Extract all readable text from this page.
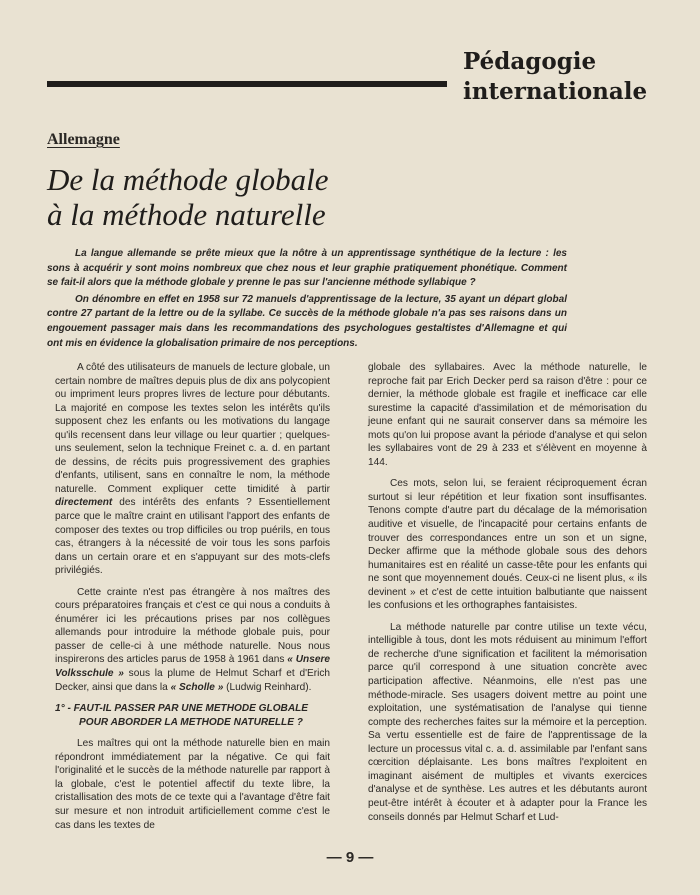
Pédagogie
internationale
Allemagne
De la méthode globale
à la méthode naturelle

La langue allemande se prête mieux que la nôtre à un apprentissage synthétique de la lecture : les sons à acquérir y sont moins nombreux que chez nous et leur graphie pratiquement phonétique. Comment se fait-il alors que la méthode globale y prenne le pas sur l'ancienne méthode syllabique ?

On dénombre en effet en 1958 sur 72 manuels d'apprentissage de la lecture, 35 ayant un départ global contre 27 partant de la lettre ou de la syllabe. Ce succès de la méthode globale n'a pas ses raisons dans un engouement passager mais dans les recommandations des psychologues gestaltistes d'Allemagne et qui ont mis en évidence la globalisation primaire de nos perceptions.

A côté des utilisateurs de manuels de lecture globale, un certain nombre de maîtres depuis plus de dix ans polycopient ou impriment leurs propres livres de lecture pour débutants. La majorité en compose les textes selon les intérêts qu'ils supposent chez les enfants ou les motivations du langage qu'ils recensent dans leur village ou leur quartier ; quelques-uns seulement, selon la technique Freinet c. a. d. en partant de dessins, de récits puis progressivement des graphies d'enfants, utilisent, sans en connaître le nom, la méthode naturelle. Comment expliquer cette timidité à partir directement des intérêts des enfants ? Essentiellement parce que le maître craint en utilisant l'apport des enfants de composer des textes ou trop difficiles ou trop puérils, en tous cas, étrangers à la nécessité de voir tous les sons parfois dans un certain orare et en s'appuyant sur des mots-clefs privilégiés.

Cette crainte n'est pas étrangère à nos maîtres des cours préparatoires français et c'est ce qui nous a conduits à énumérer ici les précautions prises par nos collègues allemands pour introduire la méthode globale puis, pour passer de celle-ci à une méthode naturelle. Nous nous inspirerons des articles parus de 1958 à 1961 dans « Unsere Volksschule » sous la plume de Helmut Scharf et d'Erich Decker, ainsi que dans la « Scholle » (Ludwig Reinhard).

1° - FAUT-IL PASSER PAR UNE METHODE GLOBALE
POUR ABORDER LA METHODE NATURELLE ?

Les maîtres qui ont la méthode naturelle bien en main répondront immédiatement par la négative. Ce qui fait l'originalité et le succès de la méthode naturelle par rapport à la globale, c'est le potentiel affectif du texte libre, la cristallisation des mots de ce texte qui a l'avantage d'être fait sur mesure et non introduit artificiellement comme c'est le cas dans les textes de

globale des syllabaires. Avec la méthode naturelle, le reproche fait par Erich Decker perd sa raison d'être : pour ce dernier, la méthode globale est fragile et inefficace car elle surestime la capacité d'assimilation et de mémorisation du jeune enfant qui ne saurait conserver dans sa mémoire les mots qu'on lui propose avant la période d'analyse et qui selon les syllabaires vont de 29 à 233 et s'élèvent en moyenne à 144.

Ces mots, selon lui, se feraient réciproquement écran surtout si leur répétition et leur fixation sont insuffisantes. Tenons compte d'autre part du décalage de la mémorisation auditive et visuelle, de l'incapacité pour certains enfants de trouver des correspondances entre un son et un signe, Decker affirme que la méthode globale sous des dehors humanitaires est en réalité un casse-tête pour les enfants qui ne sont que moyennement doués. Ceux-ci ne lisent plus, « ils devinent » et c'est de cette intuition balbutiante que naissent les confusions et les orthographes fantaisistes.

La méthode naturelle par contre utilise un texte vécu, intelligible à tous, dont les mots réduisent au minimum l'effort de recherche d'une signification et facilitent la mémorisation parce qu'il correspond à une situation concrète avec participation affective. Néanmoins, elle n'est pas une méthode-miracle. Ses usagers doivent mettre au point une exploitation, une systématisation de l'analyse qui tienne compte des recherches faites sur la mémoire et la perception. Sa vertu essentielle est de faire de l'apprentissage de la lecture un processus vital c. a. d. assimilable par l'enfant sans cœrcition déplaisante. Les bons maîtres l'exploitent en imaginant aisément de multiples et vivants exercices d'analyse et de synthèse. Les autres et les débutants auront peut-être intérêt à écouter et à adapter pour la France les conseils donnés par Helmut Scharf et Lud-

— 9 —
